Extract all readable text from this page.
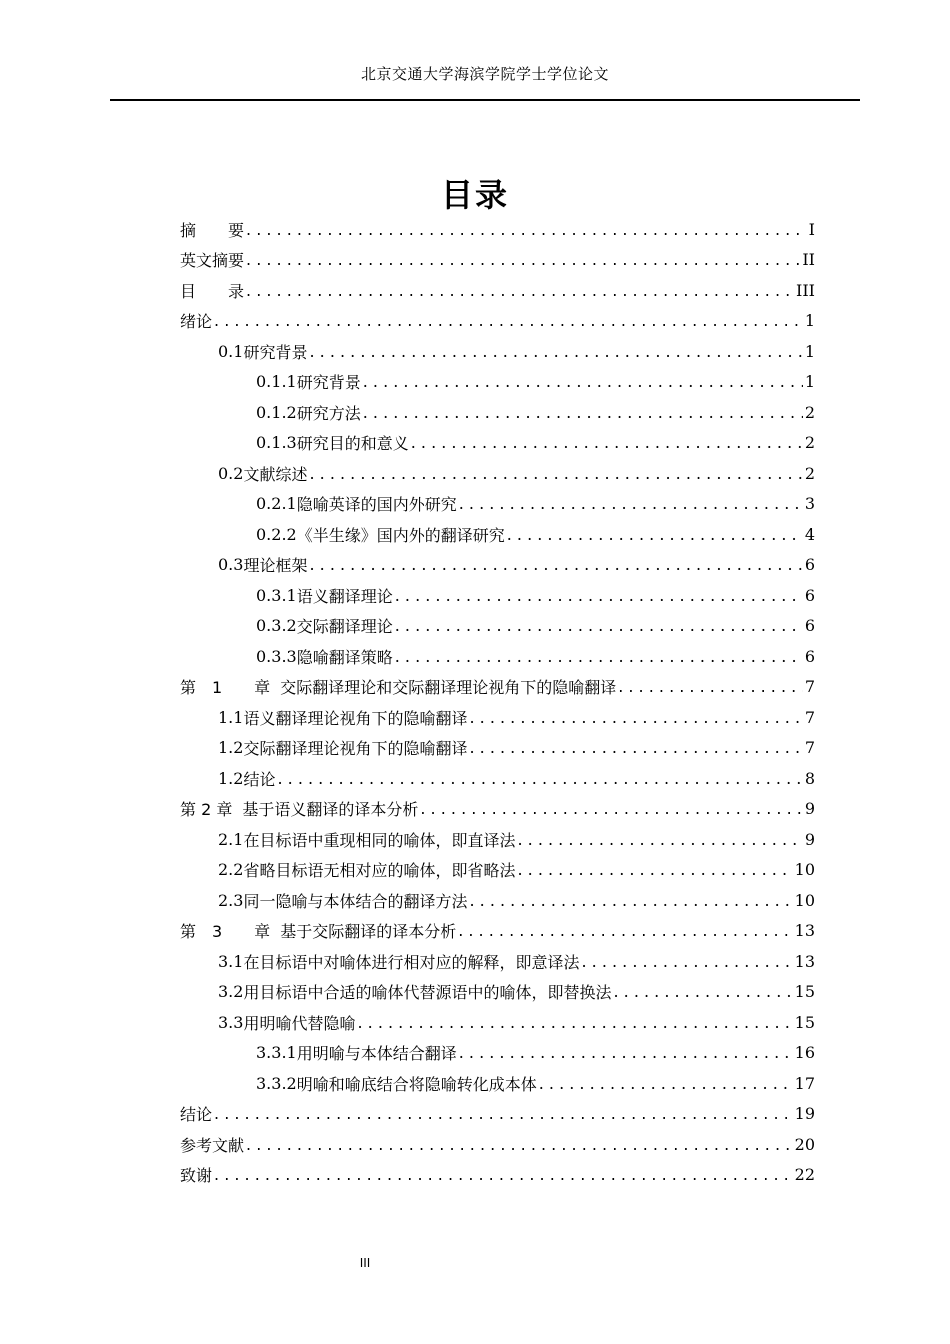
北京交通大学海滨学院学士学位论文
目录
摘　　要 . . .	I
英文摘要 . . .	II
目　　录 . . .	III
绪论 . . .	1
0.1 研究背景 . . .	1
0.1.1 研究背景 . . .	1
0.1.2 研究方法 . . .	2
0.1.3 研究目的和意义 . . .	2
0.2 文献综述 . . .	2
0.2.1 隐喻英译的国内外研究 . . .	3
0.2.2 《半生缘》国内外的翻译研究 . . .	4
0.3 理论框架 . . .	6
0.3.1 语义翻译理论 . . .	6
0.3.2 交际翻译理论 . . .	6
0.3.3 隐喻翻译策略 . . .	6
第　1　　章 交际翻译理论和交际翻译理论视角下的隐喻翻译 . . .	7
1.1 语义翻译理论视角下的隐喻翻译 . . .	7
1.2 交际翻译理论视角下的隐喻翻译 . . .	7
1.2 结论 . . .	8
第 2 章 基于语义翻译的译本分析 . . .	9
2.1 在目标语中重现相同的喻体，即直译法 . . .	9
2.2 省略目标语无相对应的喻体，即省略法 . . .	10
2.3 同一隐喻与本体结合的翻译方法 . . .	10
第　3　　章 基于交际翻译的译本分析 . . .	13
3.1 在目标语中对喻体进行相对应的解释，即意译法 . . .	13
3.2 用目标语中合适的喻体代替源语中的喻体，即替换法 . . .	15
3.3 用明喻代替隐喻 . . .	15
3.3.1 用明喻与本体结合翻译 . . .	16
3.3.2 明喻和喻底结合将隐喻转化成本体 . . .	17
结论 . . .	19
参考文献 . . .	20
致谢 . . .	22
III
